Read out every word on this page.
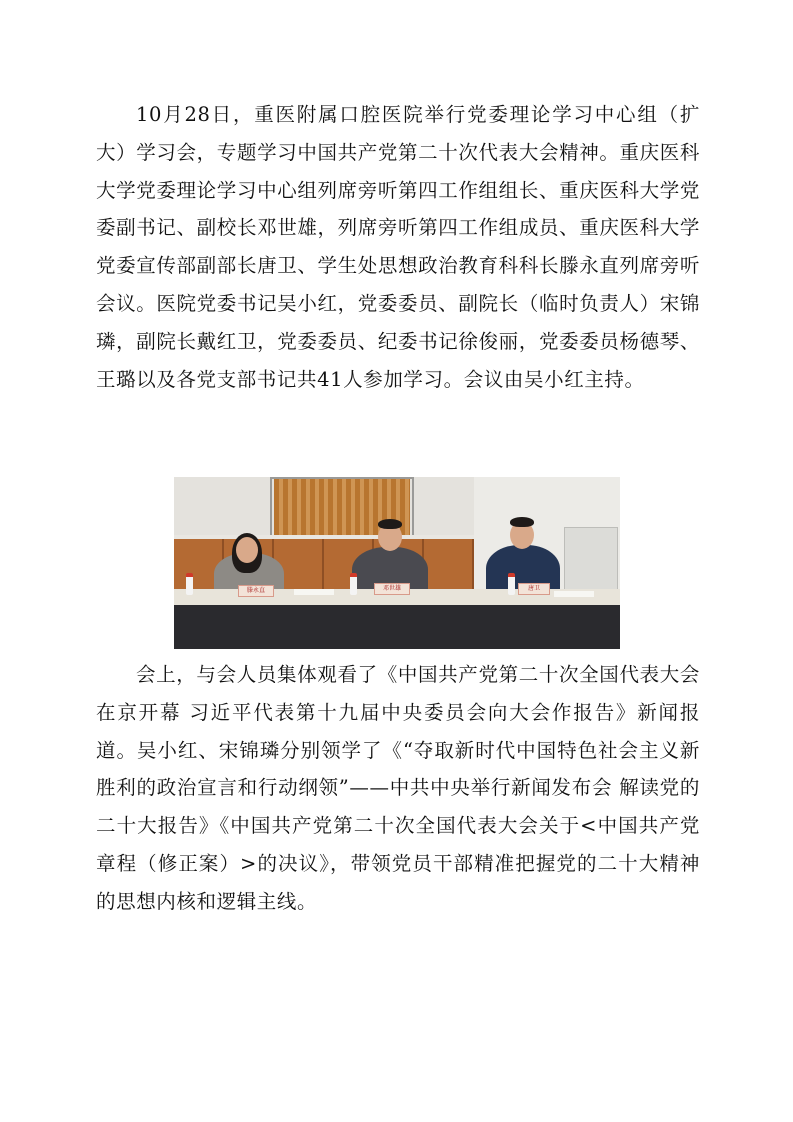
10月28日，重医附属口腔医院举行党委理论学习中心组（扩大）学习会，专题学习中国共产党第二十次代表大会精神。重庆医科大学党委理论学习中心组列席旁听第四工作组组长、重庆医科大学党委副书记、副校长邓世雄，列席旁听第四工作组成员、重庆医科大学党委宣传部副部长唐卫、学生处思想政治教育科科长滕永直列席旁听会议。医院党委书记吴小红，党委委员、副院长（临时负责人）宋锦璘，副院长戴红卫，党委委员、纪委书记徐俊丽，党委委员杨德琴、王璐以及各党支部书记共41人参加学习。会议由吴小红主持。

滕永直	邓世雄	唐卫

会上，与会人员集体观看了《中国共产党第二十次全国代表大会在京开幕 习近平代表第十九届中央委员会向大会作报告》新闻报道。吴小红、宋锦璘分别领学了《“夺取新时代中国特色社会主义新胜利的政治宣言和行动纲领”——中共中央举行新闻发布会 解读党的二十大报告》《中国共产党第二十次全国代表大会关于<中国共产党章程（修正案）>的决议》，带领党员干部精准把握党的二十大精神的思想内核和逻辑主线。
